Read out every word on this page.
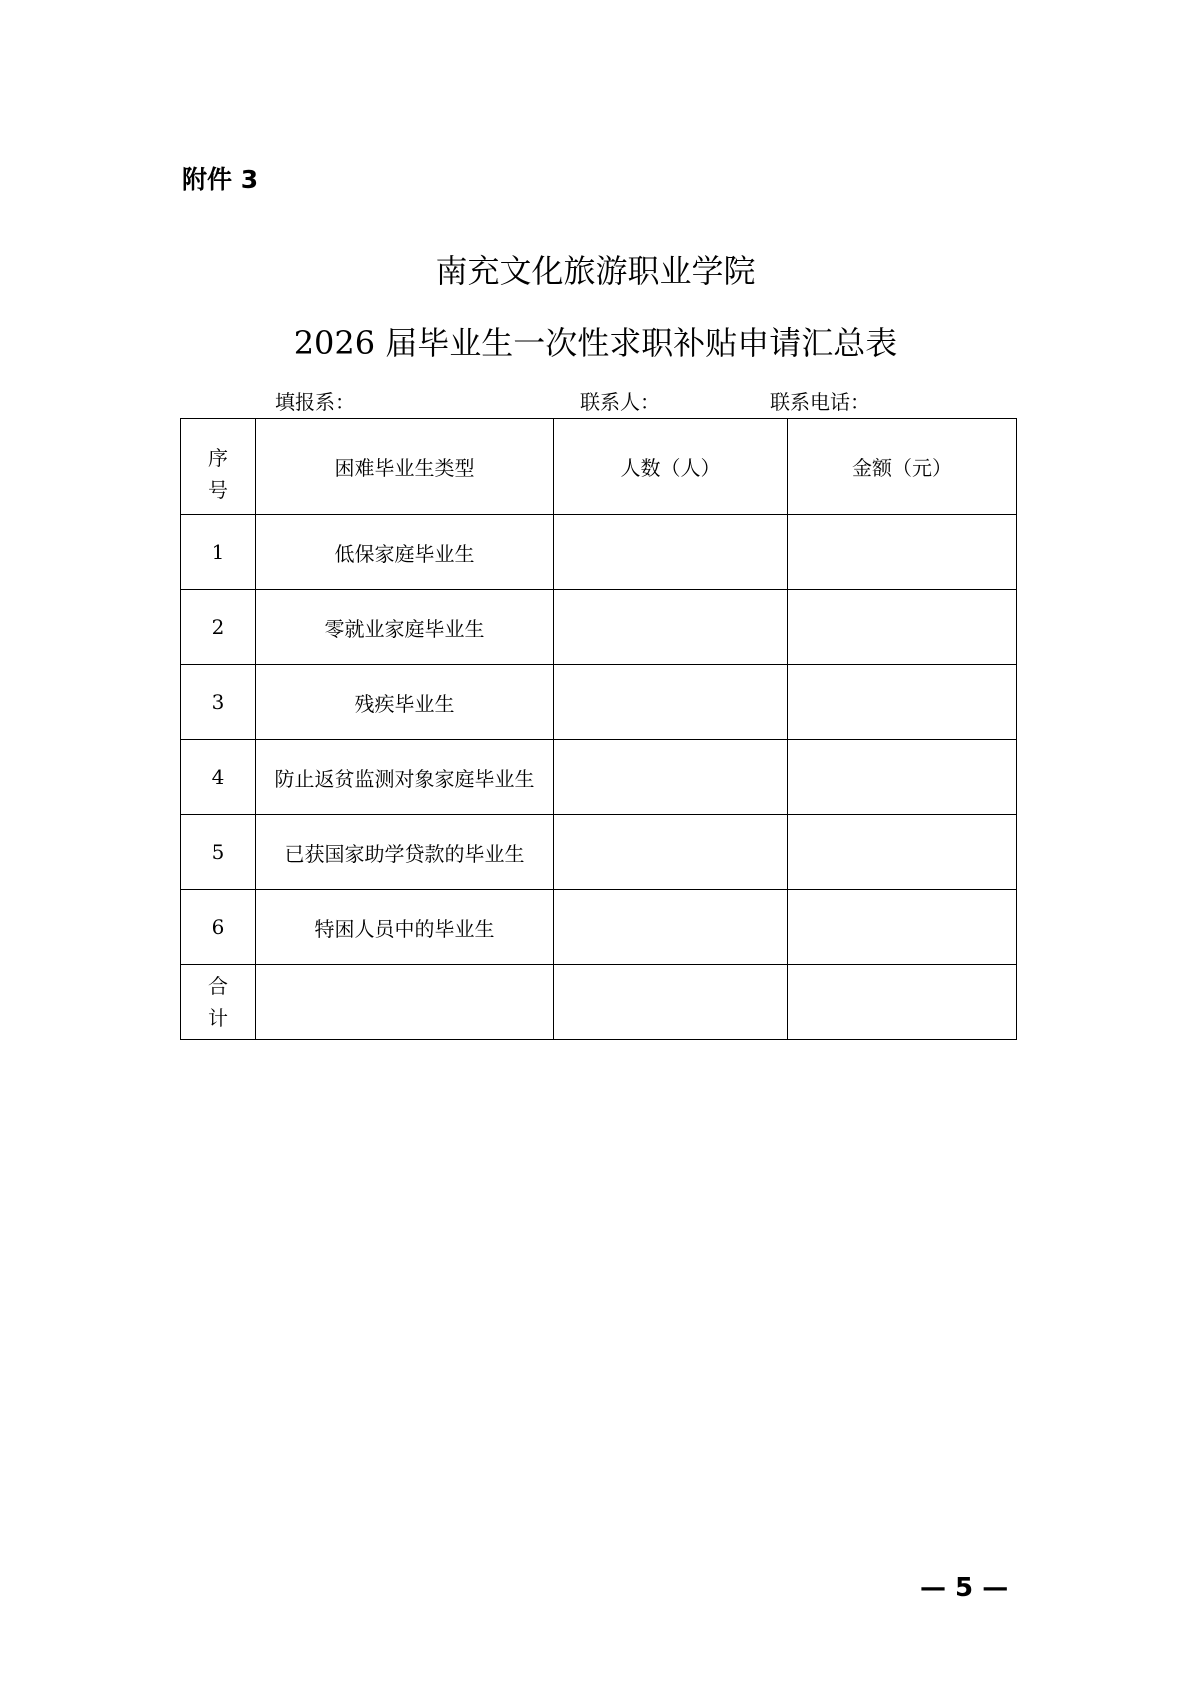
附件 3
南充文化旅游职业学院
2026 届毕业生一次性求职补贴申请汇总表
填报系：	联系人：	联系电话：
序号	困难毕业生类型	人数（人）	金额（元）
1	低保家庭毕业生		
2	零就业家庭毕业生		
3	残疾毕业生		
4	防止返贫监测对象家庭毕业生		
5	已获国家助学贷款的毕业生		
6	特困人员中的毕业生		
合计			
— 5 —
